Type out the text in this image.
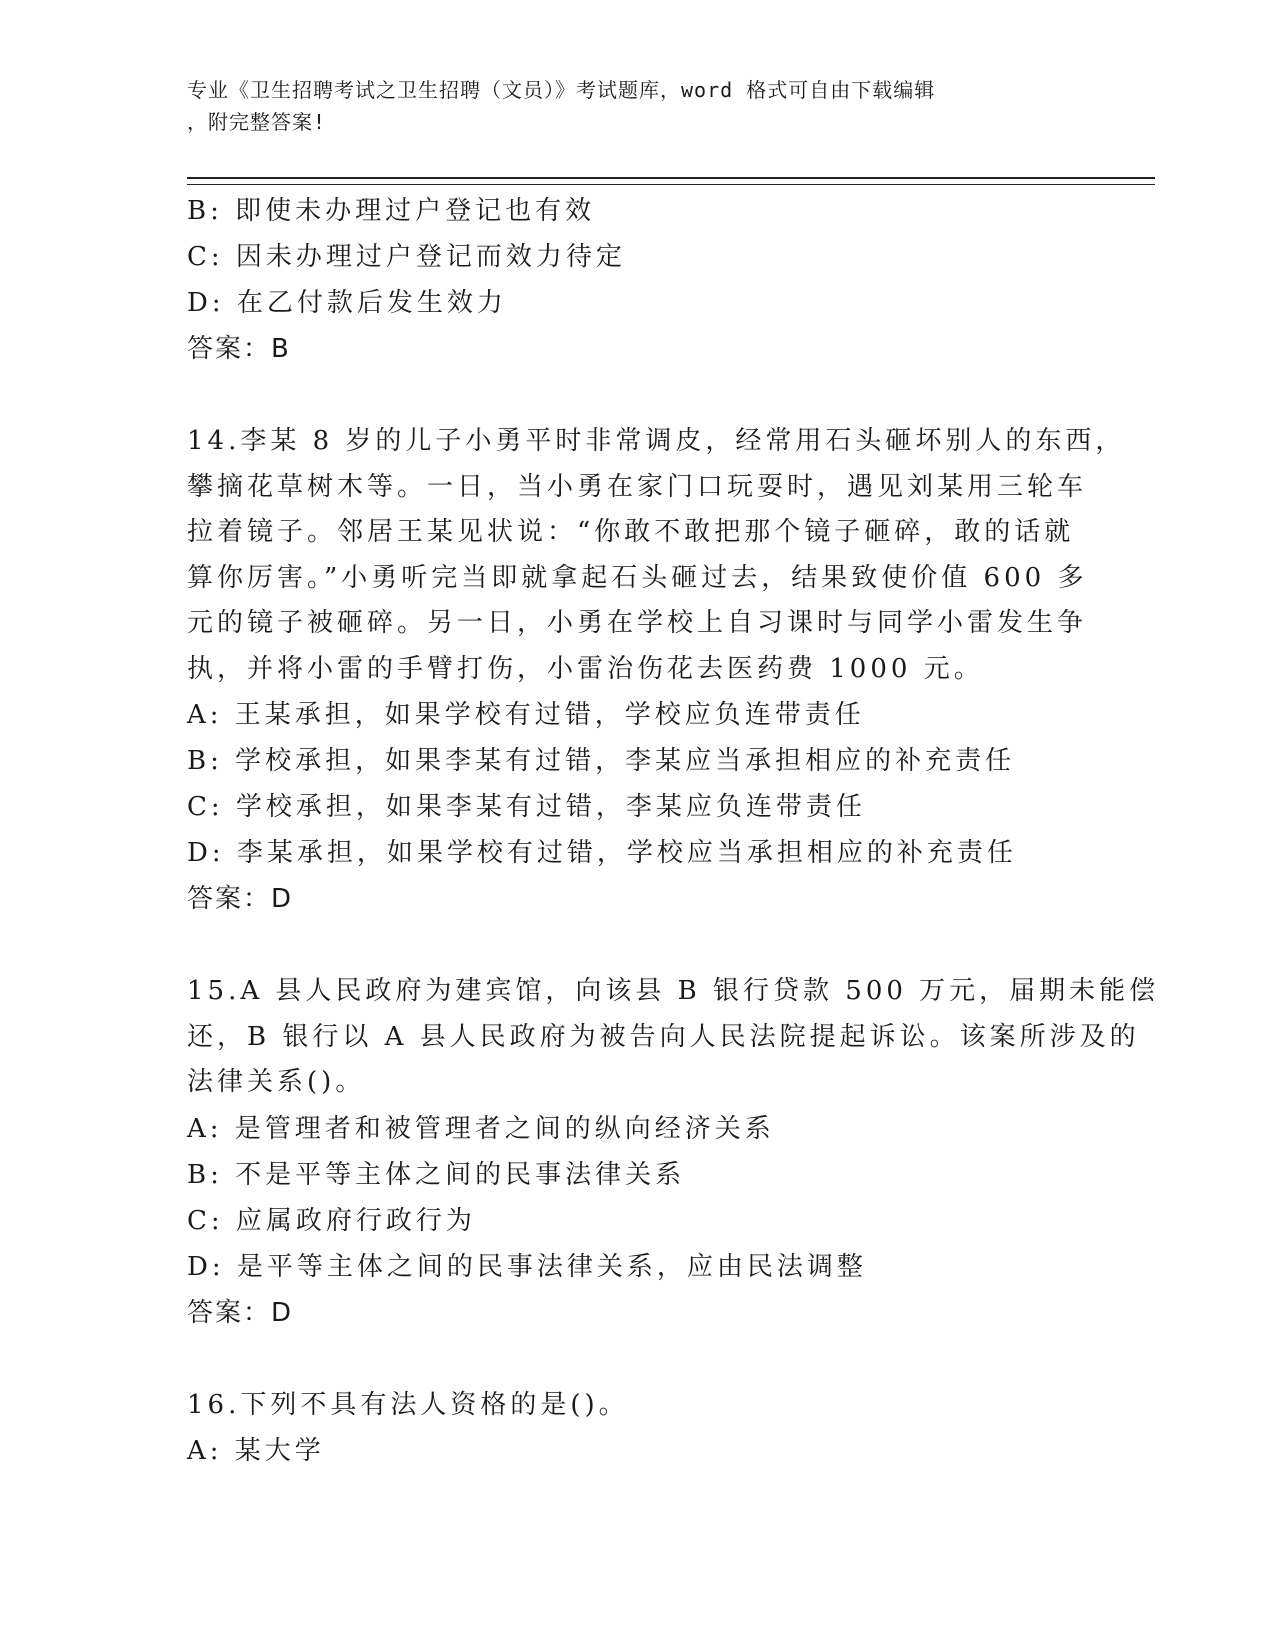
专业《卫生招聘考试之卫生招聘（文员）》考试题库，word 格式可自由下载编辑
，附完整答案!
B: 即使未办理过户登记也有效
C: 因未办理过户登记而效力待定
D: 在乙付款后发生效力
答案：B
14.李某 8 岁的儿子小勇平时非常调皮，经常用石头砸坏别人的东西，
攀摘花草树木等。一日，当小勇在家门口玩耍时，遇见刘某用三轮车
拉着镜子。邻居王某见状说：“你敢不敢把那个镜子砸碎，敢的话就
算你厉害。”小勇听完当即就拿起石头砸过去，结果致使价值 600 多
元的镜子被砸碎。另一日，小勇在学校上自习课时与同学小雷发生争
执，并将小雷的手臂打伤，小雷治伤花去医药费 1000 元。
A: 王某承担，如果学校有过错，学校应负连带责任
B: 学校承担，如果李某有过错，李某应当承担相应的补充责任
C: 学校承担，如果李某有过错，李某应负连带责任
D: 李某承担，如果学校有过错，学校应当承担相应的补充责任
答案：D
15.A 县人民政府为建宾馆，向该县 B 银行贷款 500 万元，届期未能偿
还，B 银行以 A 县人民政府为被告向人民法院提起诉讼。该案所涉及的
法律关系()。
A: 是管理者和被管理者之间的纵向经济关系
B: 不是平等主体之间的民事法律关系
C: 应属政府行政行为
D: 是平等主体之间的民事法律关系，应由民法调整
答案：D
16.下列不具有法人资格的是()。
A: 某大学
